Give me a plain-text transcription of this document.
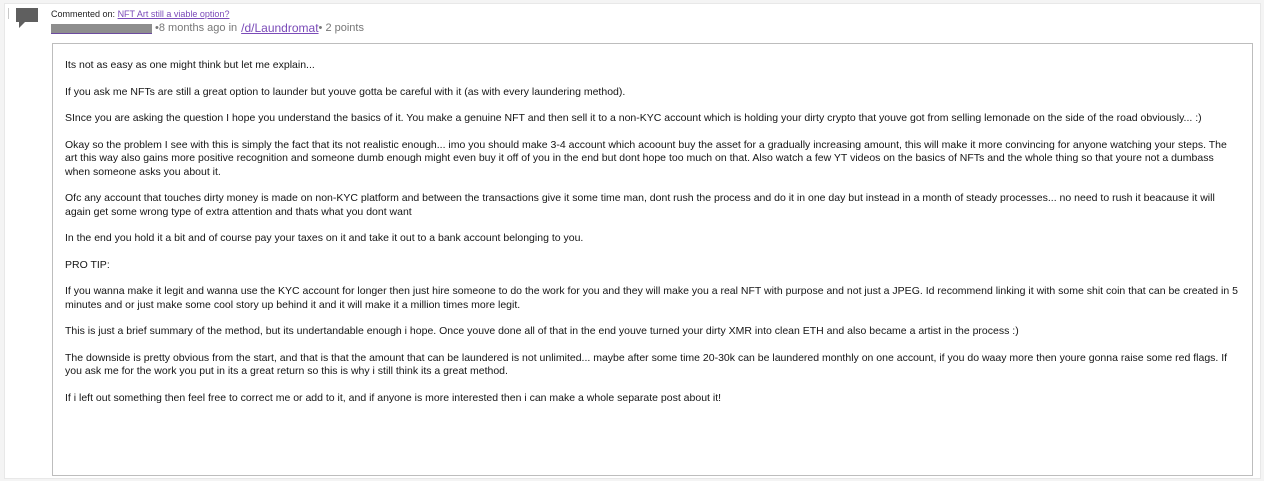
Commented on: NFT Art still a viable option?
• 8 months ago in /d/Laundromat • 2 points

Its not as easy as one might think but let me explain...

If you ask me NFTs are still a great option to launder but youve gotta be careful with it (as with every laundering method).

SInce you are asking the question I hope you understand the basics of it. You make a genuine NFT and then sell it to a non-KYC account which is holding your dirty crypto that youve got from selling lemonade on the side of the road obviously... :)

Okay so the problem I see with this is simply the fact that its not realistic enough... imo you should make 3-4 account which acoount buy the asset for a gradually increasing amount, this will make it more convincing for anyone watching your steps. The art this way also gains more positive recognition and someone dumb enough might even buy it off of you in the end but dont hope too much on that. Also watch a few YT videos on the basics of NFTs and the whole thing so that youre not a dumbass when someone asks you about it.

Ofc any account that touches dirty money is made on non-KYC platform and between the transactions give it some time man, dont rush the process and do it in one day but instead in a month of steady processes... no need to rush it beacause it will again get some wrong type of extra attention and thats what you dont want

In the end you hold it a bit and of course pay your taxes on it and take it out to a bank account belonging to you.

PRO TIP:

If you wanna make it legit and wanna use the KYC account for longer then just hire someone to do the work for you and they will make you a real NFT with purpose and not just a JPEG. Id recommend linking it with some shit coin that can be created in 5 minutes and or just make some cool story up behind it and it will make it a million times more legit.

This is just a brief summary of the method, but its undertandable enough i hope. Once youve done all of that in the end youve turned your dirty XMR into clean ETH and also became a artist in the process :)

The downside is pretty obvious from the start, and that is that the amount that can be laundered is not unlimited... maybe after some time 20-30k can be laundered monthly on one account, if you do waay more then youre gonna raise some red flags. If you ask me for the work you put in its a great return so this is why i still think its a great method.

If i left out something then feel free to correct me or add to it, and if anyone is more interested then i can make a whole separate post about it!
